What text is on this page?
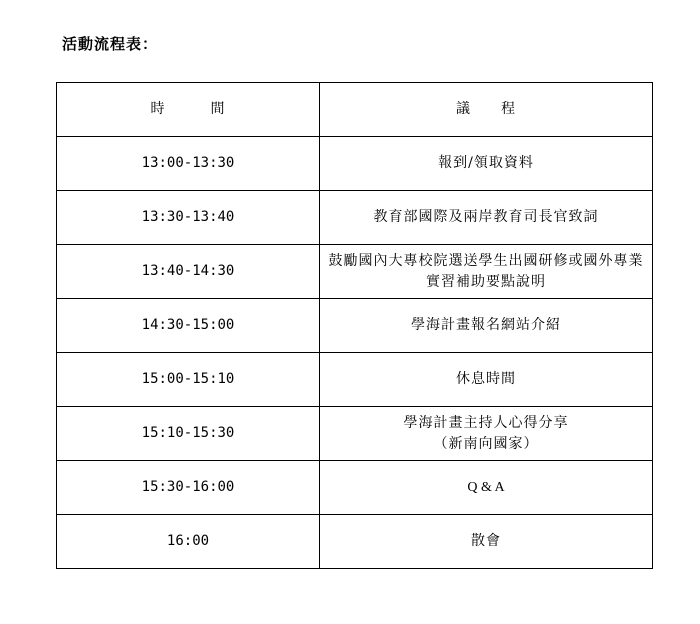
活動流程表：
時　　　間	議　　程
13:00-13:30	報到/領取資料
13:30-13:40	教育部國際及兩岸教育司長官致詞
13:40-14:30	鼓勵國內大專校院選送學生出國研修或國外專業實習補助要點說明
14:30-15:00	學海計畫報名網站介紹
15:00-15:10	休息時間
15:10-15:30	學海計畫主持人心得分享
（新南向國家）
15:30-16:00	Q & A
16:00	散會
